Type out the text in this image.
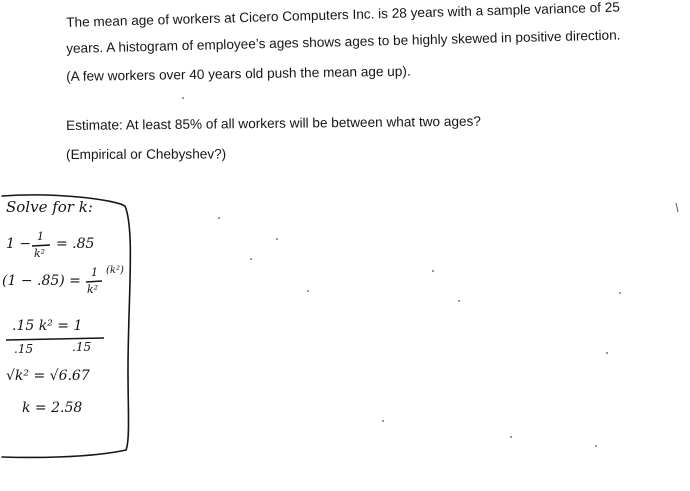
The mean age of workers at Cicero Computers Inc. is 28 years with a sample variance of 25
years. A histogram of employee’s ages shows ages to be highly skewed in positive direction.
(A few workers over 40 years old push the mean age up).
Estimate: At least 85% of all workers will be between what two ages?
(Empirical or Chebyshev?)
Solve for k:
1 − 1
k²
= .85
(1 − .85) =
1
k²
(k²)
.15 k² = 1
.15	.15
√k² = √6.67
k = 2.58
